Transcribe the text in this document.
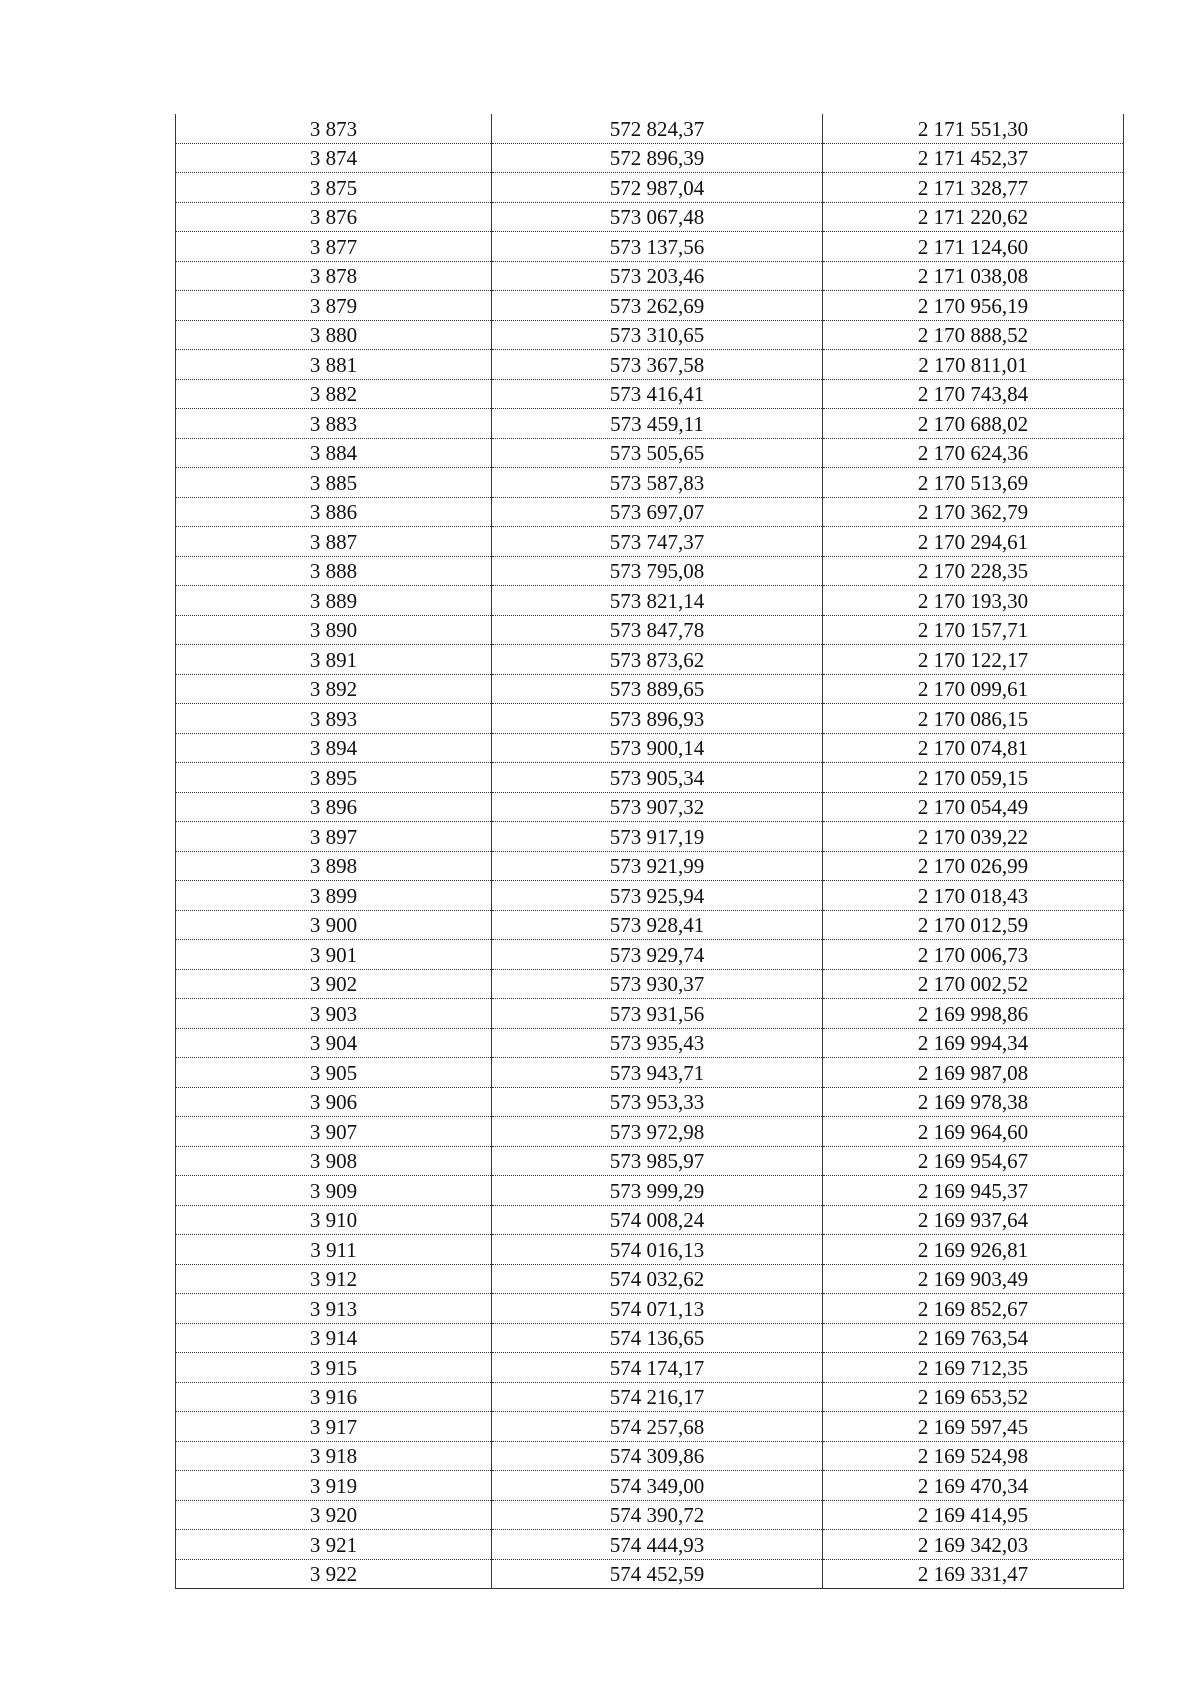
3 873	572 824,37	2 171 551,30
3 874	572 896,39	2 171 452,37
3 875	572 987,04	2 171 328,77
3 876	573 067,48	2 171 220,62
3 877	573 137,56	2 171 124,60
3 878	573 203,46	2 171 038,08
3 879	573 262,69	2 170 956,19
3 880	573 310,65	2 170 888,52
3 881	573 367,58	2 170 811,01
3 882	573 416,41	2 170 743,84
3 883	573 459,11	2 170 688,02
3 884	573 505,65	2 170 624,36
3 885	573 587,83	2 170 513,69
3 886	573 697,07	2 170 362,79
3 887	573 747,37	2 170 294,61
3 888	573 795,08	2 170 228,35
3 889	573 821,14	2 170 193,30
3 890	573 847,78	2 170 157,71
3 891	573 873,62	2 170 122,17
3 892	573 889,65	2 170 099,61
3 893	573 896,93	2 170 086,15
3 894	573 900,14	2 170 074,81
3 895	573 905,34	2 170 059,15
3 896	573 907,32	2 170 054,49
3 897	573 917,19	2 170 039,22
3 898	573 921,99	2 170 026,99
3 899	573 925,94	2 170 018,43
3 900	573 928,41	2 170 012,59
3 901	573 929,74	2 170 006,73
3 902	573 930,37	2 170 002,52
3 903	573 931,56	2 169 998,86
3 904	573 935,43	2 169 994,34
3 905	573 943,71	2 169 987,08
3 906	573 953,33	2 169 978,38
3 907	573 972,98	2 169 964,60
3 908	573 985,97	2 169 954,67
3 909	573 999,29	2 169 945,37
3 910	574 008,24	2 169 937,64
3 911	574 016,13	2 169 926,81
3 912	574 032,62	2 169 903,49
3 913	574 071,13	2 169 852,67
3 914	574 136,65	2 169 763,54
3 915	574 174,17	2 169 712,35
3 916	574 216,17	2 169 653,52
3 917	574 257,68	2 169 597,45
3 918	574 309,86	2 169 524,98
3 919	574 349,00	2 169 470,34
3 920	574 390,72	2 169 414,95
3 921	574 444,93	2 169 342,03
3 922	574 452,59	2 169 331,47
